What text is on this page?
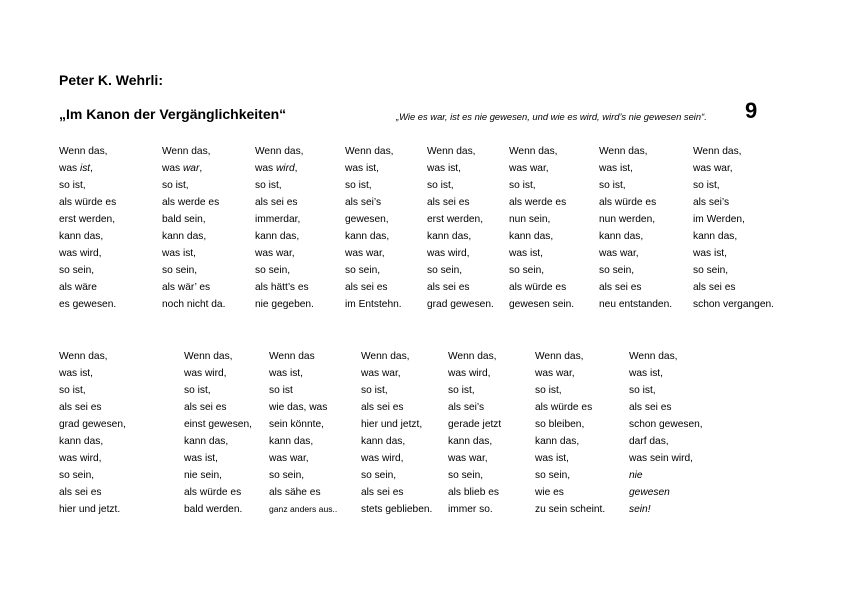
Peter K. Wehrli:
„Im Kanon der Vergänglichkeiten“	„Wie es war, ist es nie gewesen, und wie es wird, wird’s nie gewesen sein“. 9
Wenn das,
was ist,
so ist,
als würde es
erst werden,
kann das,
was wird,
so sein,
als wäre
es gewesen.
Wenn das,
was war,
so ist,
als werde es
bald sein,
kann das,
was ist,
so sein,
als wär’ es
noch nicht da.
Wenn das,
was wird,
so ist,
als sei es
immerdar,
kann das,
was war,
so sein,
als hätt’s es
nie gegeben.
Wenn das,
was ist,
so ist,
als sei’s
gewesen,
kann das,
was war,
so sein,
als sei es
im Entstehn.
Wenn das,
was ist,
so ist,
als sei es
erst werden,
kann das,
was wird,
so sein,
als sei es
grad gewesen.
Wenn das,
was war,
so ist,
als werde es
nun sein,
kann das,
was ist,
so sein,
als würde es
gewesen sein.
Wenn das,
was ist,
so ist,
als würde es
nun werden,
kann das,
was war,
so sein,
als sei es
neu entstanden.
Wenn das,
was war,
so ist,
als sei’s
im Werden,
kann das,
was ist,
so sein,
als sei es
schon vergangen.
Wenn das,
was ist,
so ist,
als sei es
grad gewesen,
kann das,
was wird,
so sein,
als sei es
hier und jetzt.
Wenn das,
was wird,
so ist,
als sei es
einst gewesen,
kann das,
was ist,
nie sein,
als würde es
bald werden.
Wenn das
was ist,
so ist
wie das, was
sein könnte,
kann das,
was war,
so sein,
als sähe es
ganz anders aus..
Wenn das,
was war,
so ist,
als sei es
hier und jetzt,
kann das,
was wird,
so sein,
als sei es
stets geblieben.
Wenn das,
was wird,
so ist,
als sei’s
gerade jetzt
kann das,
was war,
so sein,
als blieb es
immer so.
Wenn das,
was war,
so ist,
als würde es
so bleiben,
kann das,
was ist,
so sein,
wie es
zu sein scheint.
Wenn das,
was ist,
so ist,
als sei es
schon gewesen,
darf das,
was sein wird,
nie
gewesen
sein!
